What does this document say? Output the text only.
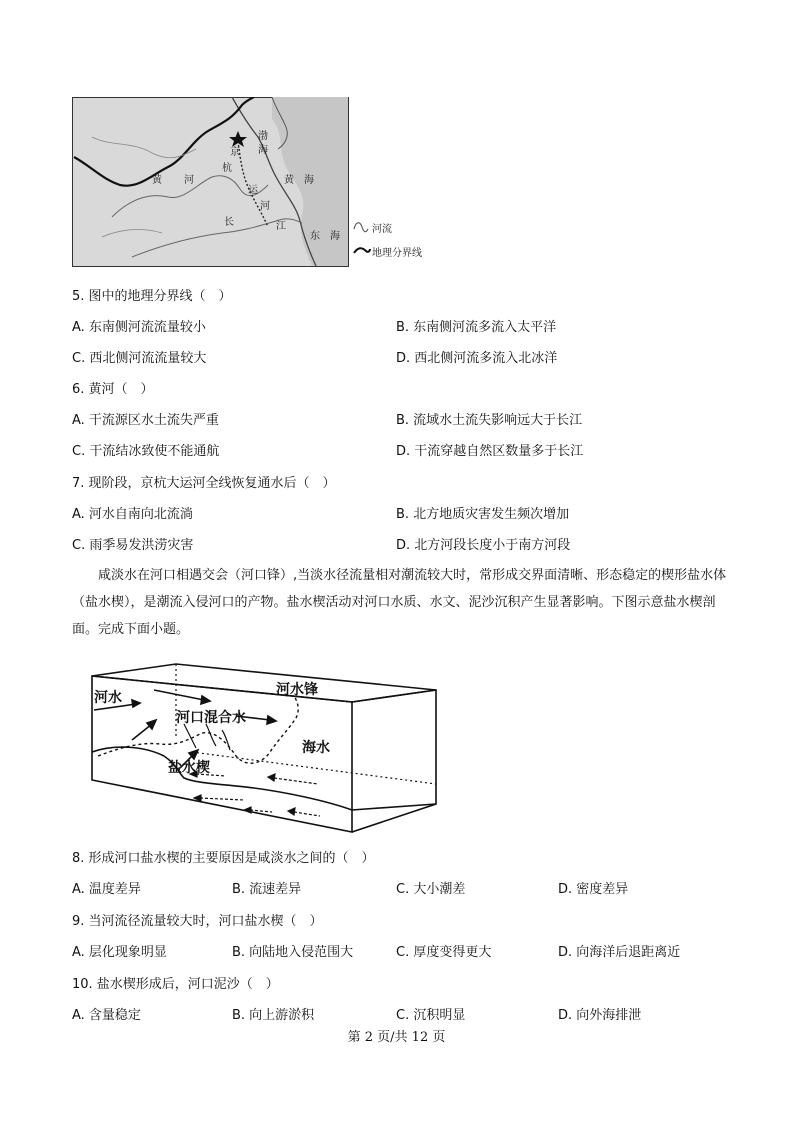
渤
海
京
杭
运
河
黄 河	黄 海
长	江
东 海
河流
地理分界线
5. 图中的地理分界线（　）
A. 东南侧河流流量较小	B. 东南侧河流多流入太平洋
C. 西北侧河流流量较大	D. 西北侧河流多流入北冰洋
6. 黄河（　）
A. 干流源区水土流失严重	B. 流域水土流失影响远大于长江
C. 干流结冰致使不能通航	D. 干流穿越自然区数量多于长江
7. 现阶段，京杭大运河全线恢复通水后（　）
A. 河水自南向北流淌	B. 北方地质灾害发生频次增加
C. 雨季易发洪涝灾害	D. 北方河段长度小于南方河段
咸淡水在河口相遇交会（河口锋）,当淡水径流量相对潮流较大时，常形成交界面清晰、形态稳定的楔形盐水体（盐水楔），是潮流入侵河口的产物。盐水楔活动对河口水质、水文、泥沙沉积产生显著影响。下图示意盐水楔剖面。完成下面小题。
河水	河水锋
河口混合水
海水
盐水楔
8. 形成河口盐水楔的主要原因是咸淡水之间的（　）
A. 温度差异	B. 流速差异	C. 大小潮差	D. 密度差异
9. 当河流径流量较大时，河口盐水楔（　）
A. 层化现象明显	B. 向陆地入侵范围大	C. 厚度变得更大	D. 向海洋后退距离近
10. 盐水楔形成后，河口泥沙（　）
A. 含量稳定	B. 向上游淤积	C. 沉积明显	D. 向外海排泄
第 2 页/共 12 页
